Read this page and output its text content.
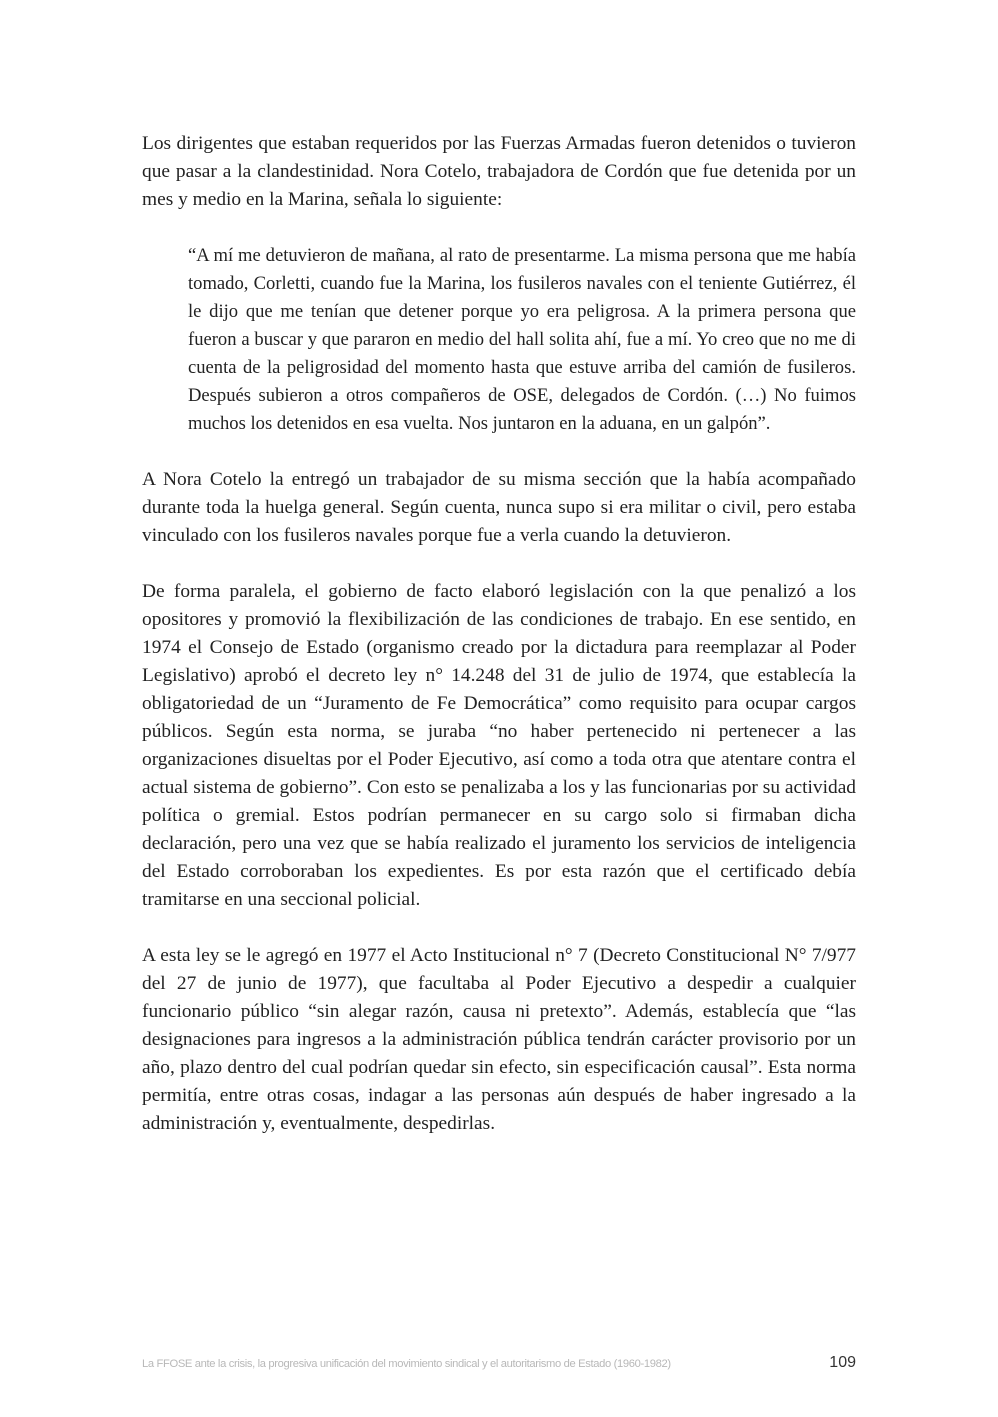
Los dirigentes que estaban requeridos por las Fuerzas Armadas fueron detenidos o tuvieron que pasar a la clandestinidad. Nora Cotelo, trabajadora de Cordón que fue detenida por un mes y medio en la Marina, señala lo siguiente:

“A mí me detuvieron de mañana, al rato de presentarme. La misma persona que me había tomado, Corletti, cuando fue la Marina, los fusileros navales con el teniente Gutiérrez, él le dijo que me tenían que detener porque yo era peligrosa. A la primera persona que fueron a buscar y que pararon en medio del hall solita ahí, fue a mí. Yo creo que no me di cuenta de la peligrosidad del momento hasta que estuve arriba del camión de fusileros. Después subieron a otros compañeros de OSE, delegados de Cordón. (…) No fuimos muchos los detenidos en esa vuelta. Nos juntaron en la aduana, en un galpón”.

A Nora Cotelo la entregó un trabajador de su misma sección que la había acompañado durante toda la huelga general. Según cuenta, nunca supo si era militar o civil, pero estaba vinculado con los fusileros navales porque fue a verla cuando la detuvieron.

De forma paralela, el gobierno de facto elaboró legislación con la que penalizó a los opositores y promovió la flexibilización de las condiciones de trabajo. En ese sentido, en 1974 el Consejo de Estado (organismo creado por la dictadura para reemplazar al Poder Legislativo) aprobó el decreto ley n° 14.248 del 31 de julio de 1974, que establecía la obligatoriedad de un “Juramento de Fe Democrática” como requisito para ocupar cargos públicos. Según esta norma, se juraba “no haber pertenecido ni pertenecer a las organizaciones disueltas por el Poder Ejecutivo, así como a toda otra que atentare contra el actual sistema de gobierno”. Con esto se penalizaba a los y las funcionarias por su actividad política o gremial. Estos podrían permanecer en su cargo solo si firmaban dicha declaración, pero una vez que se había realizado el juramento los servicios de inteligencia del Estado corroboraban los expedientes. Es por esta razón que el certificado debía tramitarse en una seccional policial.

A esta ley se le agregó en 1977 el Acto Institucional n° 7 (Decreto Constitucional N° 7/977 del 27 de junio de 1977), que facultaba al Poder Ejecutivo a despedir a cualquier funcionario público “sin alegar razón, causa ni pretexto”. Además, establecía que “las designaciones para ingresos a la administración pública tendrán carácter provisorio por un año, plazo dentro del cual podrían quedar sin efecto, sin especificación causal”. Esta norma permitía, entre otras cosas, indagar a las personas aún después de haber ingresado a la administración y, eventualmente, despedirlas.

La FFOSE ante la crisis, la progresiva unificación del movimiento sindical y el autoritarismo de Estado (1960-1982)	109
